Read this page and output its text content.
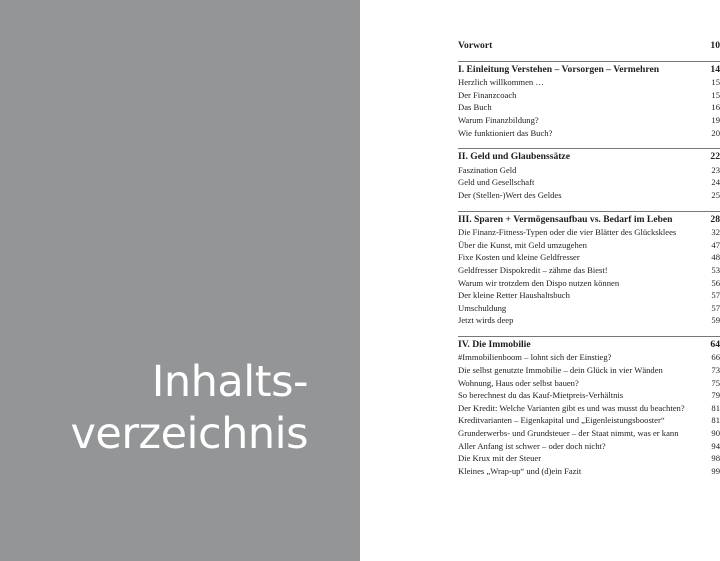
Inhalts-
verzeichnis
Vorwort	10
I. Einleitung Verstehen – Vorsorgen – Vermehren	14
Herzlich willkommen …	15
Der Finanzcoach	15
Das Buch	16
Warum Finanzbildung?	19
Wie funktioniert das Buch?	20
II. Geld und Glaubenssätze	22
Faszination Geld	23
Geld und Gesellschaft	24
Der (Stellen-)Wert des Geldes	25
III. Sparen + Vermögensaufbau vs. Bedarf im Leben	28
Die Finanz-Fitness-Typen oder die vier Blätter des Glücksklees	32
Über die Kunst, mit Geld umzugehen	47
Fixe Kosten und kleine Geldfresser	48
Geldfresser Dispokredit – zähme das Biest!	53
Warum wir trotzdem den Dispo nutzen können	56
Der kleine Retter Haushaltsbuch	57
Umschuldung	57
Jetzt wirds deep	59
IV. Die Immobilie	64
#Immobilienboom – lohnt sich der Einstieg?	66
Die selbst genutzte Immobilie – dein Glück in vier Wänden	73
Wohnung, Haus oder selbst bauen?	75
So berechnest du das Kauf-Mietpreis-Verhältnis	79
Der Kredit: Welche Varianten gibt es und was musst du beachten?	81
Kreditvarianten – Eigenkapital und „Eigenleistungsbooster“	81
Grunderwerbs- und Grundsteuer – der Staat nimmt, was er kann	90
Aller Anfang ist schwer – oder doch nicht?	94
Die Krux mit der Steuer	98
Kleines „Wrap-up“ und (d)ein Fazit	99
